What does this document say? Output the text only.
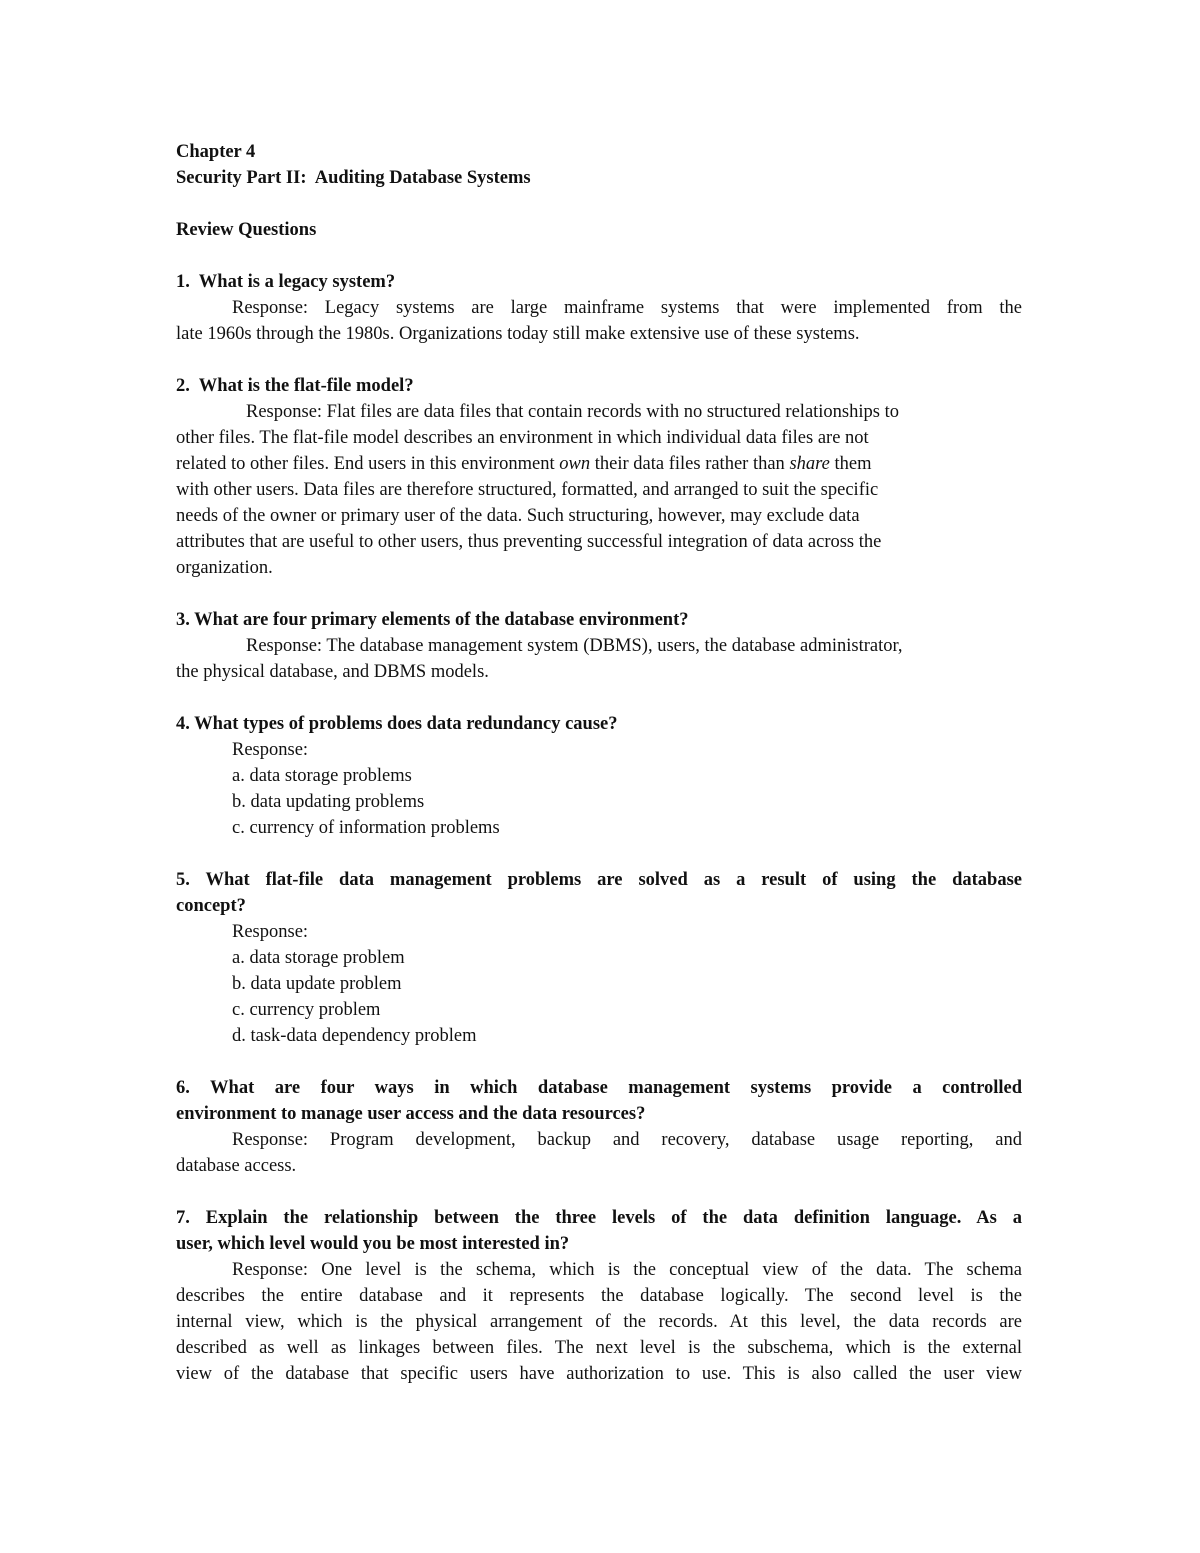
Chapter 4
Security Part II:  Auditing Database Systems
Review Questions
1. What is a legacy system?
Response: Legacy systems are large mainframe systems that were implemented from the
late 1960s through the 1980s. Organizations today still make extensive use of these systems.
2. What is the flat-file model?
Response: Flat files are data files that contain records with no structured relationships to
other files. The flat-file model describes an environment in which individual data files are not
related to other files. End users in this environment own their data files rather than share them
with other users. Data files are therefore structured, formatted, and arranged to suit the specific
needs of the owner or primary user of the data. Such structuring, however, may exclude data
attributes that are useful to other users, thus preventing successful integration of data across the
organization.
3. What are four primary elements of the database environment?
Response: The database management system (DBMS), users, the database administrator,
the physical database, and DBMS models.
4. What types of problems does data redundancy cause?
Response:
a. data storage problems
b. data updating problems
c. currency of information problems
5. What flat-file data management problems are solved as a result of using the database
concept?
Response:
a. data storage problem
b. data update problem
c. currency problem
d. task-data dependency problem
6. What are four ways in which database management systems provide a controlled
environment to manage user access and the data resources?
Response: Program development, backup and recovery, database usage reporting, and
database access.
7. Explain the relationship between the three levels of the data definition language. As a
user, which level would you be most interested in?
Response: One level is the schema, which is the conceptual view of the data. The schema
describes the entire database and it represents the database logically. The second level is the
internal view, which is the physical arrangement of the records. At this level, the data records are
described as well as linkages between files. The next level is the subschema, which is the external
view of the database that specific users have authorization to use. This is also called the user view
